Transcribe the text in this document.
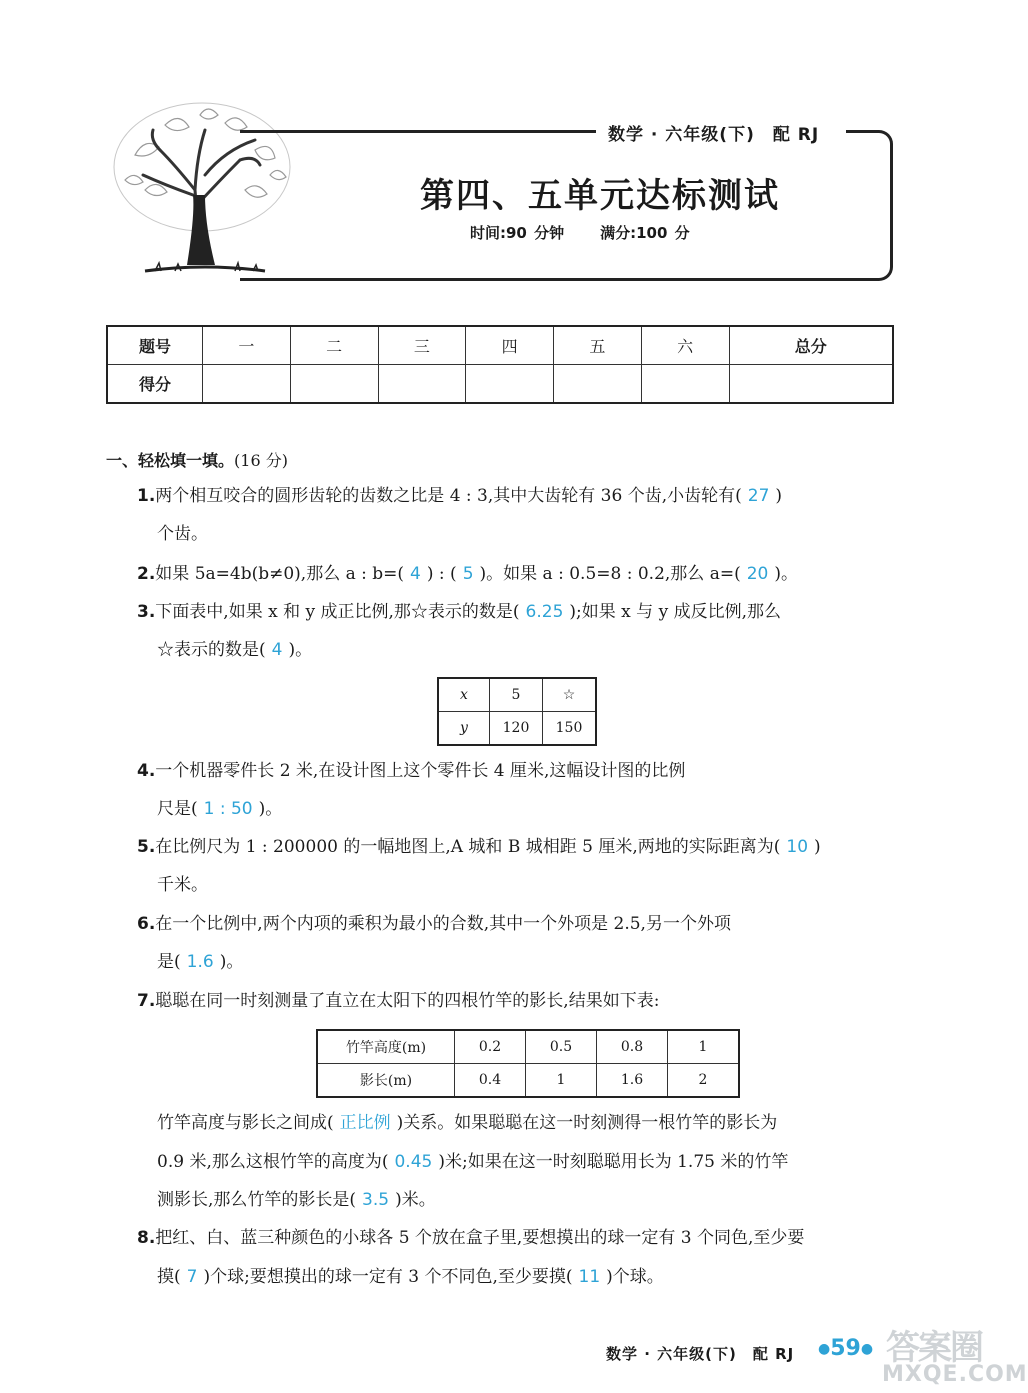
数学 · 六年级(下)　配 RJ
第四、五单元达标测试
时间:90 分钟 满分:100 分
题号	一	二	三	四	五	六	总分
得分							
一、轻松填一填。(16 分)
1.两个相互咬合的圆形齿轮的齿数之比是 4 : 3,其中大齿轮有 36 个齿,小齿轮有( 27 )
个齿。
2.如果 5a=4b(b≠0),那么 a : b=( 4 ) : ( 5 )。如果 a : 0.5=8 : 0.2,那么 a=( 20 )。
3.下面表中,如果 x 和 y 成正比例,那☆表示的数是( 6.25 );如果 x 与 y 成反比例,那么
☆表示的数是( 4 )。
x	5	☆
y	120	150
4.一个机器零件长 2 米,在设计图上这个零件长 4 厘米,这幅设计图的比例
尺是( 1 : 50 )。
5.在比例尺为 1 : 200000 的一幅地图上,A 城和 B 城相距 5 厘米,两地的实际距离为( 10 )
千米。
6.在一个比例中,两个内项的乘积为最小的合数,其中一个外项是 2.5,另一个外项
是( 1.6 )。
7.聪聪在同一时刻测量了直立在太阳下的四根竹竿的影长,结果如下表:
竹竿高度(m)	0.2	0.5	0.8	1
影长(m)	0.4	1	1.6	2
竹竿高度与影长之间成( 正比例 )关系。如果聪聪在这一时刻测得一根竹竿的影长为
0.9 米,那么这根竹竿的高度为( 0.45 )米;如果在这一时刻聪聪用长为 1.75 米的竹竿
测影长,那么竹竿的影长是( 3.5 )米。
8.把红、白、蓝三种颜色的小球各 5 个放在盒子里,要想摸出的球一定有 3 个同色,至少要
摸( 7 )个球;要想摸出的球一定有 3 个不同色,至少要摸( 11 )个球。
数学 · 六年级(下)　配 RJ ●59● 答案圈
MXQE.COM
